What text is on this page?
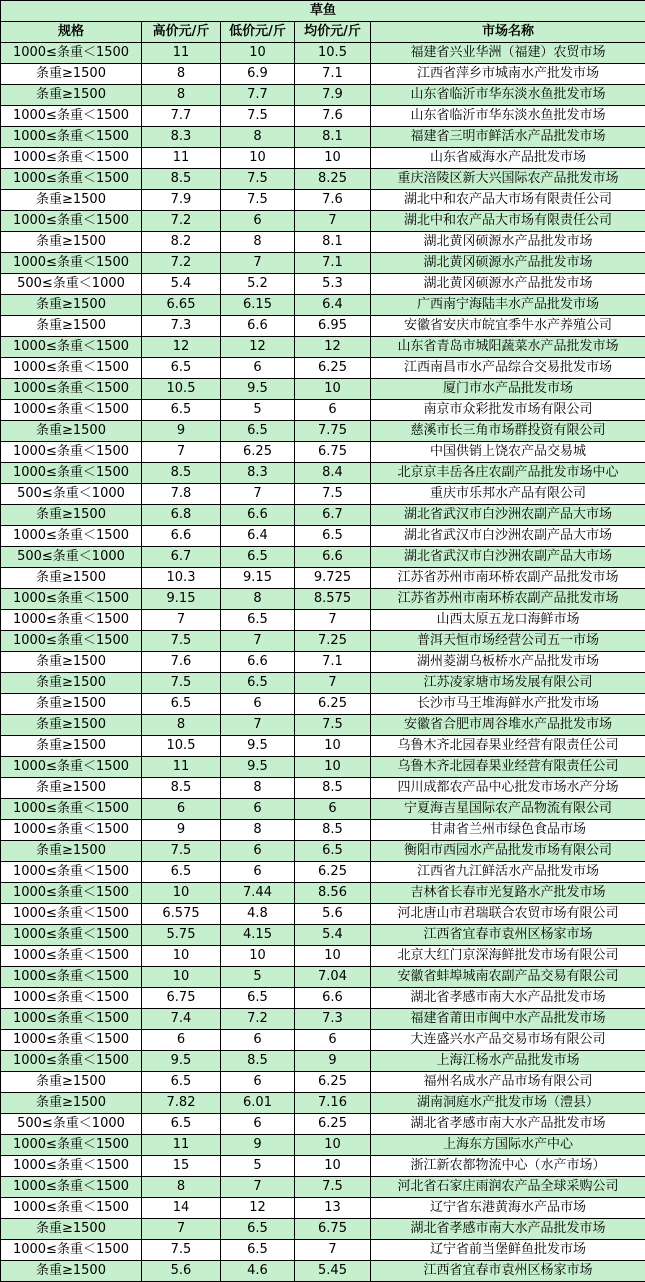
草鱼				
规格	高价元/斤	低价元/斤	均价元/斤	市场名称
1000≤条重＜1500	11	10	10.5	福建省兴业华洲（福建）农贸市场
条重≥1500	8	6.9	7.1	江西省萍乡市城南水产批发市场
条重≥1500	8	7.7	7.9	山东省临沂市华东淡水鱼批发市场
1000≤条重＜1500	7.7	7.5	7.6	山东省临沂市华东淡水鱼批发市场
1000≤条重＜1500	8.3	8	8.1	福建省三明市鲜活水产品批发市场
1000≤条重＜1500	11	10	10	山东省威海水产品批发市场
1000≤条重＜1500	8.5	7.5	8.25	重庆涪陵区新大兴国际农产品批发市场
条重≥1500	7.9	7.5	7.6	湖北中和农产品大市场有限责任公司
1000≤条重＜1500	7.2	6	7	湖北中和农产品大市场有限责任公司
条重≥1500	8.2	8	8.1	湖北黄冈硕源水产品批发市场
1000≤条重＜1500	7.2	7	7.1	湖北黄冈硕源水产品批发市场
500≤条重＜1000	5.4	5.2	5.3	湖北黄冈硕源水产品批发市场
条重≥1500	6.65	6.15	6.4	广西南宁海陆丰水产品批发市场
条重≥1500	7.3	6.6	6.95	安徽省安庆市皖宜季牛水产养殖公司
1000≤条重＜1500	12	12	12	山东省青岛市城阳蔬菜水产品批发市场
1000≤条重＜1500	6.5	6	6.25	江西南昌市水产品综合交易批发市场
1000≤条重＜1500	10.5	9.5	10	厦门市水产品批发市场
1000≤条重＜1500	6.5	5	6	南京市众彩批发市场有限公司
条重≥1500	9	6.5	7.75	慈溪市长三角市场群投资有限公司
1000≤条重＜1500	7	6.25	6.75	中国供销上饶农产品交易城
1000≤条重＜1500	8.5	8.3	8.4	北京京丰岳各庄农副产品批发市场中心
500≤条重＜1000	7.8	7	7.5	重庆市乐邦水产品有限公司
条重≥1500	6.8	6.6	6.7	湖北省武汉市白沙洲农副产品大市场
1000≤条重＜1500	6.6	6.4	6.5	湖北省武汉市白沙洲农副产品大市场
500≤条重＜1000	6.7	6.5	6.6	湖北省武汉市白沙洲农副产品大市场
条重≥1500	10.3	9.15	9.725	江苏省苏州市南环桥农副产品批发市场
1000≤条重＜1500	9.15	8	8.575	江苏省苏州市南环桥农副产品批发市场
1000≤条重＜1500	7	6.5	7	山西太原五龙口海鲜市场
1000≤条重＜1500	7.5	7	7.25	普洱天恒市场经营公司五一市场
条重≥1500	7.6	6.6	7.1	湖州菱湖乌板桥水产品批发市场
条重≥1500	7.5	6.5	7	江苏凌家塘市场发展有限公司
条重≥1500	6.5	6	6.25	长沙市马王堆海鲜水产批发市场
条重≥1500	8	7	7.5	安徽省合肥市周谷堆水产品批发市场
条重≥1500	10.5	9.5	10	乌鲁木齐北园春果业经营有限责任公司
1000≤条重＜1500	11	9.5	10	乌鲁木齐北园春果业经营有限责任公司
条重≥1500	8.5	8	8.5	四川成都农产品中心批发市场水产分场
1000≤条重＜1500	6	6	6	宁夏海吉星国际农产品物流有限公司
1000≤条重＜1500	9	8	8.5	甘肃省兰州市绿色食品市场
条重≥1500	7.5	6	6.5	衡阳市西园水产品批发市场有限公司
1000≤条重＜1500	6.5	6	6.25	江西省九江鲜活水产品批发市场
1000≤条重＜1500	10	7.44	8.56	吉林省长春市光复路水产批发市场
1000≤条重＜1500	6.575	4.8	5.6	河北唐山市君瑞联合农贸市场有限公司
1000≤条重＜1500	5.75	4.15	5.4	江西省宜春市袁州区杨家市场
1000≤条重＜1500	10	10	10	北京大红门京深海鲜批发市场有限公司
1000≤条重＜1500	10	5	7.04	安徽省蚌埠城南农副产品交易有限公司
1000≤条重＜1500	6.75	6.5	6.6	湖北省孝感市南大水产品批发市场
1000≤条重＜1500	7.4	7.2	7.3	福建省莆田市闽中水产品批发市场
1000≤条重＜1500	6	6	6	大连盛兴水产品交易市场有限公司
1000≤条重＜1500	9.5	8.5	9	上海江杨水产品批发市场
条重≥1500	6.5	6	6.25	福州名成水产品市场有限公司
条重≥1500	7.82	6.01	7.16	湖南洞庭水产批发市场（澧县）
500≤条重＜1000	6.5	6	6.25	湖北省孝感市南大水产品批发市场
1000≤条重＜1500	11	9	10	上海东方国际水产中心
1000≤条重＜1500	15	5	10	浙江新农都物流中心（水产市场）
1000≤条重＜1500	8	7	7.5	河北省石家庄雨润农产品全球采购公司
1000≤条重＜1500	14	12	13	辽宁省东港黄海水产品市场
条重≥1500	7	6.5	6.75	湖北省孝感市南大水产品批发市场
1000≤条重＜1500	7.5	6.5	7	辽宁省前当堡鲜鱼批发市场
条重≥1500	5.6	4.6	5.45	江西省宜春市袁州区杨家市场
